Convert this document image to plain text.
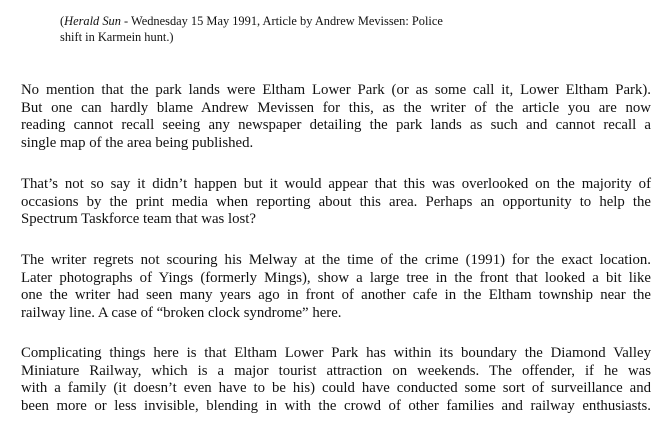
(Herald Sun - Wednesday 15 May 1991, Article by Andrew Mevissen: Police
shift in Karmein hunt.)

No mention that the park lands were Eltham Lower Park (or as some call it, Lower Eltham Park).
But one can hardly blame Andrew Mevissen for this, as the writer of the article you are now
reading cannot recall seeing any newspaper detailing the park lands as such and cannot recall a
single map of the area being published.
That’s not so say it didn’t happen but it would appear that this was overlooked on the majority of
occasions by the print media when reporting about this area. Perhaps an opportunity to help the
Spectrum Taskforce team that was lost?
The writer regrets not scouring his Melway at the time of the crime (1991) for the exact location.
Later photographs of Yings (formerly Mings), show a large tree in the front that looked a bit like
one the writer had seen many years ago in front of another cafe in the Eltham township near the
railway line. A case of “broken clock syndrome” here.
Complicating things here is that Eltham Lower Park has within its boundary the Diamond Valley
Miniature Railway, which is a major tourist attraction on weekends. The offender, if he was
with a family (it doesn’t even have to be his) could have conducted some sort of surveillance and
been more or less invisible, blending in with the crowd of other families and railway enthusiasts.
